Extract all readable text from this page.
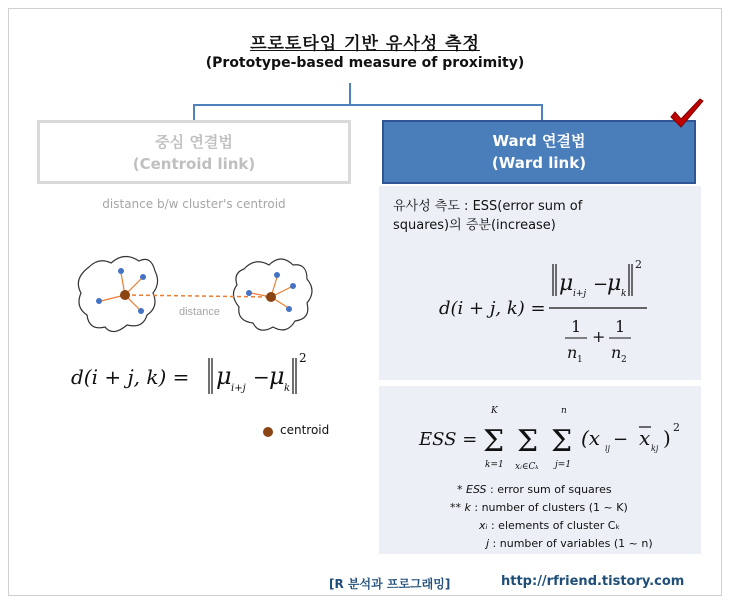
프로토타입 기반 유사성 측정
(Prototype-based measure of proximity)
중심 연결법
(Centroid link)
Ward 연결법
(Ward link)
distance b/w cluster's centroid
distance
d(i + j, k) = μ i+j − μ k
2
centroid
유사성 측도 : ESS(error sum of
squares)의 증분(increase)
d(i + j, k) =
μ i+j −
μ k
2
1
n 1
+
1
n 2
ESS =
K
Σ
k=1
Σ
xᵢ∈Cₖ
n
Σ
j=1
(x ij − x kj ) 2
* ESS : error sum of squares
** k : number of clusters (1 ~ K)
xᵢ : elements of cluster Cₖ
j : number of variables (1 ~ n)
[R 분석과 프로그래밍]	http://rfriend.tistory.com
